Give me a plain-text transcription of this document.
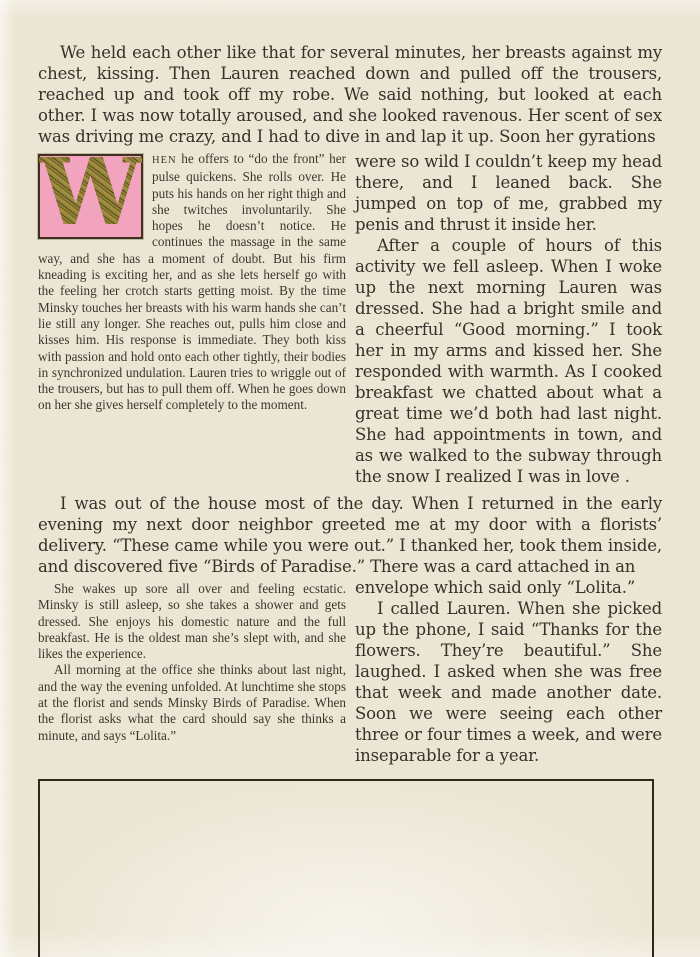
We held each other like that for several minutes, her breasts against my chest, kissing. Then Lauren reached down and pulled off the trousers, reached up and took off my robe. We said nothing, but looked at each other. I was now totally aroused, and she looked ravenous. Her scent of sex was driving me crazy, and I had to dive in and lap it up. Soon her gyrations
W HEN he offers to “do the front” her pulse quickens. She rolls over. He puts his hands on her right thigh and she twitches involuntarily. She hopes he doesn’t notice. He continues the massage in the same way, and she has a moment of doubt. But his firm kneading is exciting her, and as she lets herself go with the feeling her crotch starts getting moist. By the time Minsky touches her breasts with his warm hands she can’t lie still any longer. She reaches out, pulls him close and kisses him. His response is immediate. They both kiss with passion and hold onto each other tightly, their bodies in synchronized undulation. Lauren tries to wriggle out of the trousers, but has to pull them off. When he goes down on her she gives herself completely to the moment.
were so wild I couldn’t keep my head there, and I leaned back. She jumped on top of me, grabbed my penis and thrust it inside her.
After a couple of hours of this activity we fell asleep. When I woke up the next morning Lauren was dressed. She had a bright smile and a cheerful “Good morning.” I took her in my arms and kissed her. She responded with warmth. As I cooked breakfast we chatted about what a great time we’d both had last night. She had appointments in town, and as we walked to the subway through the snow I realized I was in love .
I was out of the house most of the day. When I returned in the early evening my next door neighbor greeted me at my door with a florists’ delivery. “These came while you were out.” I thanked her, took them inside, and discovered five “Birds of Paradise.” There was a card attached in an
She wakes up sore all over and feeling ecstatic. Minsky is still asleep, so she takes a shower and gets dressed. She enjoys his domestic nature and the full breakfast. He is the oldest man she’s slept with, and she likes the experience.
All morning at the office she thinks about last night, and the way the evening unfolded. At lunchtime she stops at the florist and sends Minsky Birds of Paradise. When the florist asks what the card should say she thinks a minute, and says “Lolita.”
envelope which said only “Lolita.”
I called Lauren. When she picked up the phone, I said “Thanks for the flowers. They’re beautiful.” She laughed. I asked when she was free that week and made another date. Soon we were seeing each other three or four times a week, and were inseparable for a year.
